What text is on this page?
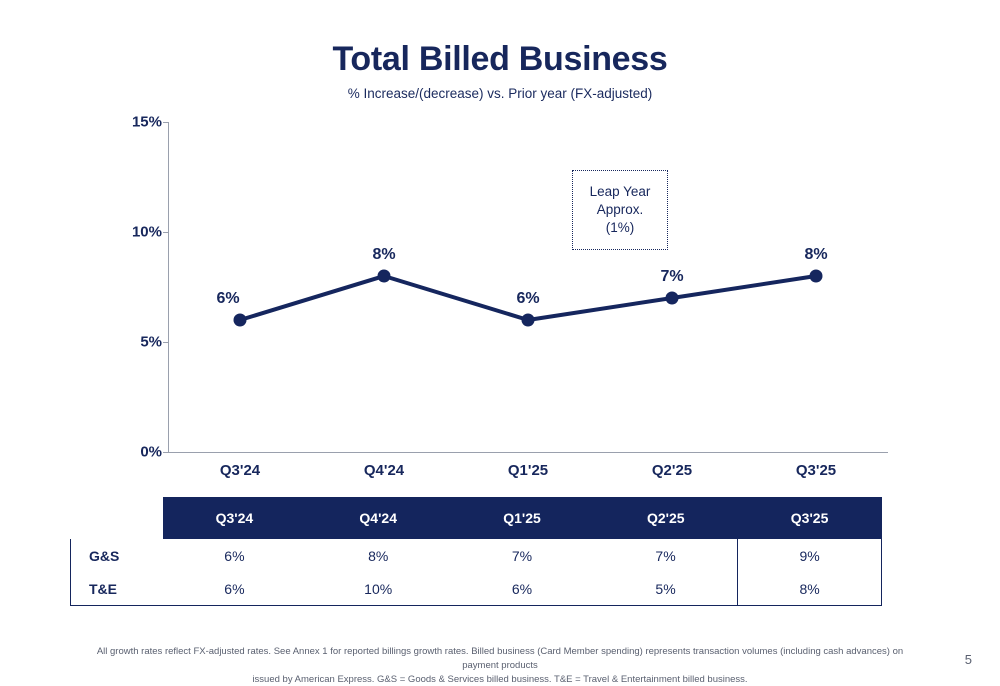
Total Billed Business
% Increase/(decrease) vs. Prior year (FX-adjusted)
15%
10%
5%
0%
6%
8%
6%
7%
8%
Leap Year
Approx.
(1%)
Q3'24	Q4'24	Q1'25	Q2'25	Q3'25
	Q3'24	Q4'24	Q1'25	Q2'25	Q3'25
G&S	6%	8%	7%	7%	9%
T&E	6%	10%	6%	5%	8%
All growth rates reflect FX-adjusted rates. See Annex 1 for reported billings growth rates. Billed business (Card Member spending) represents transaction volumes (including cash advances) on payment products
issued by American Express. G&S = Goods & Services billed business. T&E = Travel & Entertainment billed business.
5
